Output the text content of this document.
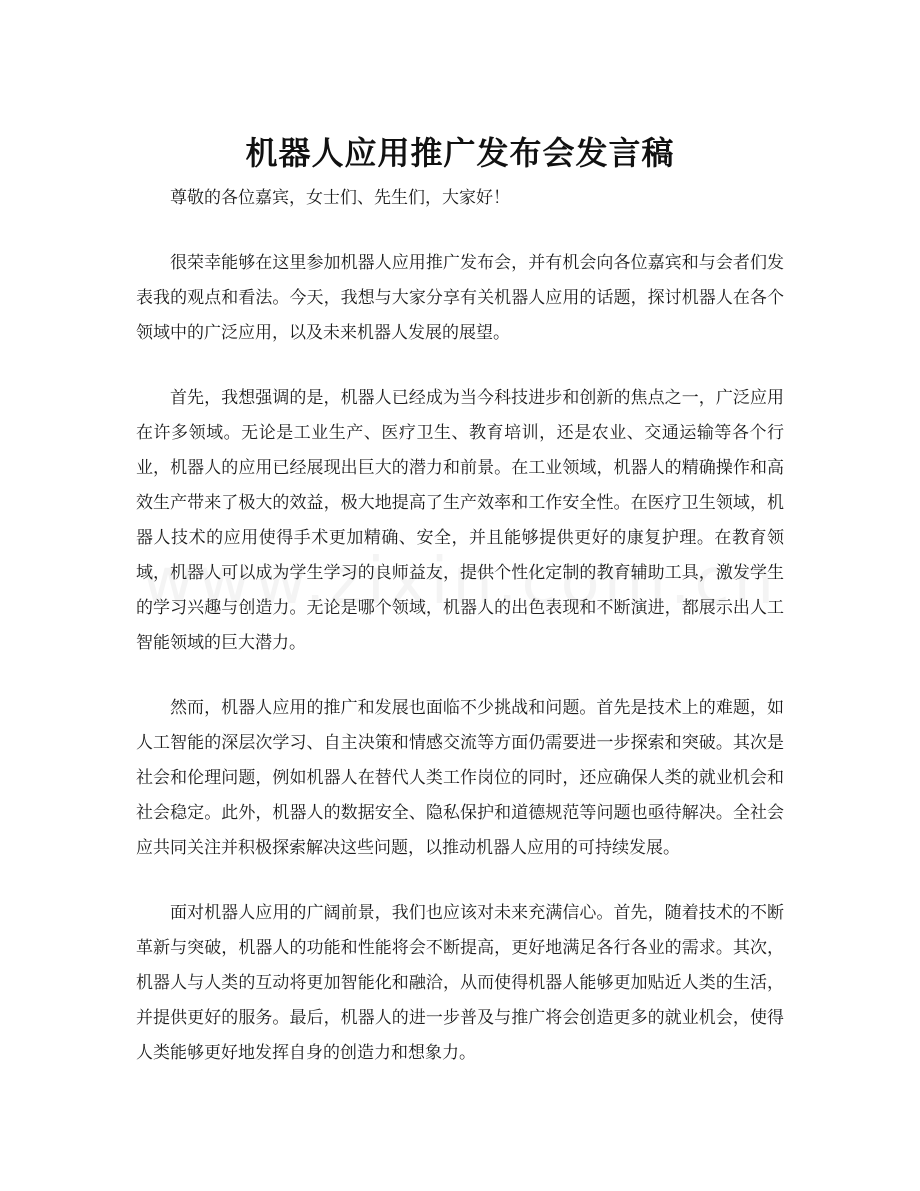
机器人应用推广发布会发言稿

尊敬的各位嘉宾，女士们、先生们，大家好！

很荣幸能够在这里参加机器人应用推广发布会，并有机会向各位嘉宾和与会者们发表我的观点和看法。今天，我想与大家分享有关机器人应用的话题，探讨机器人在各个领域中的广泛应用，以及未来机器人发展的展望。

首先，我想强调的是，机器人已经成为当今科技进步和创新的焦点之一，广泛应用在许多领域。无论是工业生产、医疗卫生、教育培训，还是农业、交通运输等各个行业，机器人的应用已经展现出巨大的潜力和前景。在工业领域，机器人的精确操作和高效生产带来了极大的效益，极大地提高了生产效率和工作安全性。在医疗卫生领域，机器人技术的应用使得手术更加精确、安全，并且能够提供更好的康复护理。在教育领域，机器人可以成为学生学习的良师益友，提供个性化定制的教育辅助工具，激发学生的学习兴趣与创造力。无论是哪个领域，机器人的出色表现和不断演进，都展示出人工智能领域的巨大潜力。

然而，机器人应用的推广和发展也面临不少挑战和问题。首先是技术上的难题，如人工智能的深层次学习、自主决策和情感交流等方面仍需要进一步探索和突破。其次是社会和伦理问题，例如机器人在替代人类工作岗位的同时，还应确保人类的就业机会和社会稳定。此外，机器人的数据安全、隐私保护和道德规范等问题也亟待解决。全社会应共同关注并积极探索解决这些问题，以推动机器人应用的可持续发展。

面对机器人应用的广阔前景，我们也应该对未来充满信心。首先，随着技术的不断革新与突破，机器人的功能和性能将会不断提高，更好地满足各行各业的需求。其次，机器人与人类的互动将更加智能化和融洽，从而使得机器人能够更加贴近人类的生活，并提供更好的服务。最后，机器人的进一步普及与推广将会创造更多的就业机会，使得人类能够更好地发挥自身的创造力和想象力。
